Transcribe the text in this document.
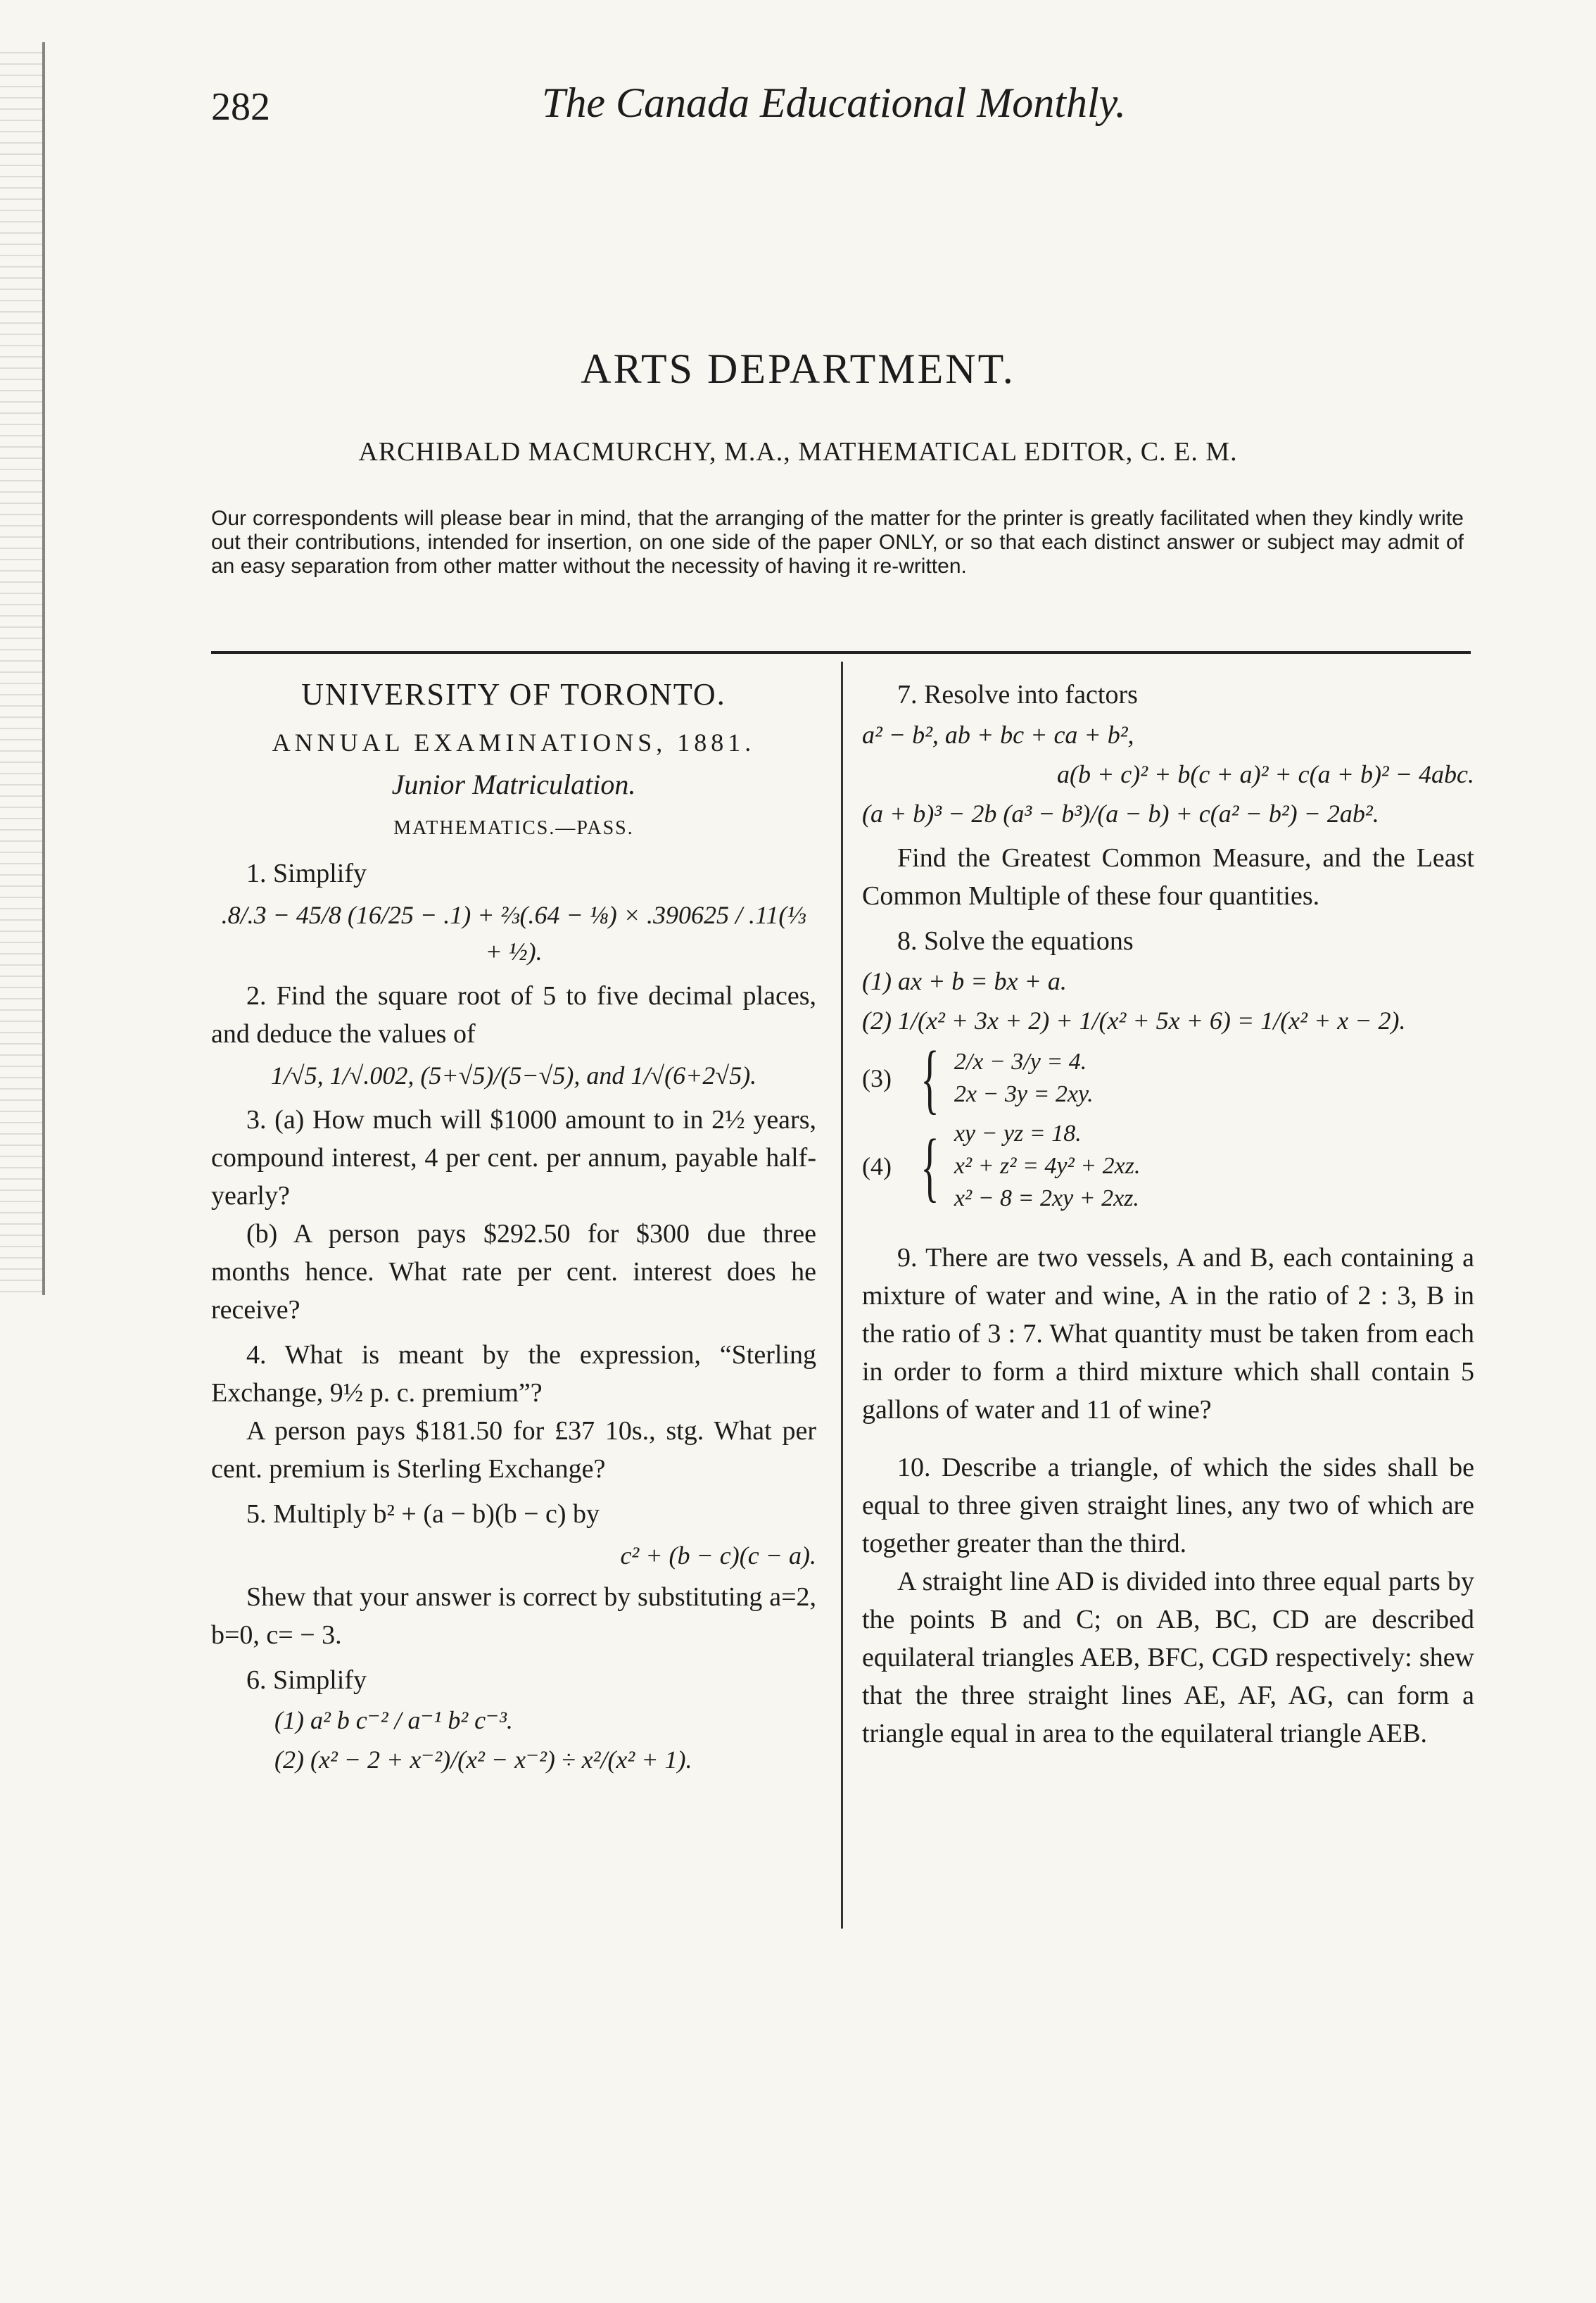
282	The Canada Educational Monthly.
ARTS DEPARTMENT.
ARCHIBALD MACMURCHY, M.A., MATHEMATICAL EDITOR, C. E. M.
Our correspondents will please bear in mind, that the arranging of the matter for the printer is greatly facilitated when they kindly write out their contributions, intended for insertion, on one side of the paper ONLY, or so that each distinct answer or subject may admit of an easy separation from other matter without the necessity of having it re-written.
UNIVERSITY OF TORONTO.
ANNUAL EXAMINATIONS, 1881.
Junior Matriculation.
MATHEMATICS.—PASS.
1. Simplify
.8/.3 − 45/8 (16/25 − .1) + ⅔(.64 − ⅛) × .390625 / .11(⅓ + ½).
2. Find the square root of 5 to five decimal places, and deduce the values of
1/√5, 1/√.002, (5+√5)/(5−√5), and 1/√(6+2√5).
3. (a) How much will $1000 amount to in 2½ years, compound interest, 4 per cent. per annum, payable half-yearly?
(b) A person pays $292.50 for $300 due three months hence. What rate per cent. interest does he receive?
4. What is meant by the expression, “Sterling Exchange, 9½ p. c. premium”?
A person pays $181.50 for £37 10s., stg. What per cent. premium is Sterling Exchange?
5. Multiply b² + (a − b)(b − c) by
c² + (b − c)(c − a).
Shew that your answer is correct by substituting a=2, b=0, c= − 3.
6. Simplify
(1) a² b c⁻² / a⁻¹ b² c⁻³.
(2) (x² − 2 + x⁻²)/(x² − x⁻²) ÷ x²/(x² + 1).
7. Resolve into factors
a² − b², ab + bc + ca + b²,
a(b + c)² + b(c + a)² + c(a + b)² − 4abc.
(a + b)³ − 2b (a³ − b³)/(a − b) + c(a² − b²) − 2ab².
Find the Greatest Common Measure, and the Least Common Multiple of these four quantities.
8. Solve the equations
(1) ax + b = bx + a.
(2) 1/(x² + 3x + 2) + 1/(x² + 5x + 6) = 1/(x² + x − 2).
(3) { 2/x − 3/y = 4.
2x − 3y = 2xy.
(4) { xy − yz = 18.
x² + z² = 4y² + 2xz.
x² − 8 = 2xy + 2xz.
9. There are two vessels, A and B, each containing a mixture of water and wine, A in the ratio of 2 : 3, B in the ratio of 3 : 7. What quantity must be taken from each in order to form a third mixture which shall contain 5 gallons of water and 11 of wine?
10. Describe a triangle, of which the sides shall be equal to three given straight lines, any two of which are together greater than the third.
A straight line AD is divided into three equal parts by the points B and C; on AB, BC, CD are described equilateral triangles AEB, BFC, CGD respectively: shew that the three straight lines AE, AF, AG, can form a triangle equal in area to the equilateral triangle AEB.
